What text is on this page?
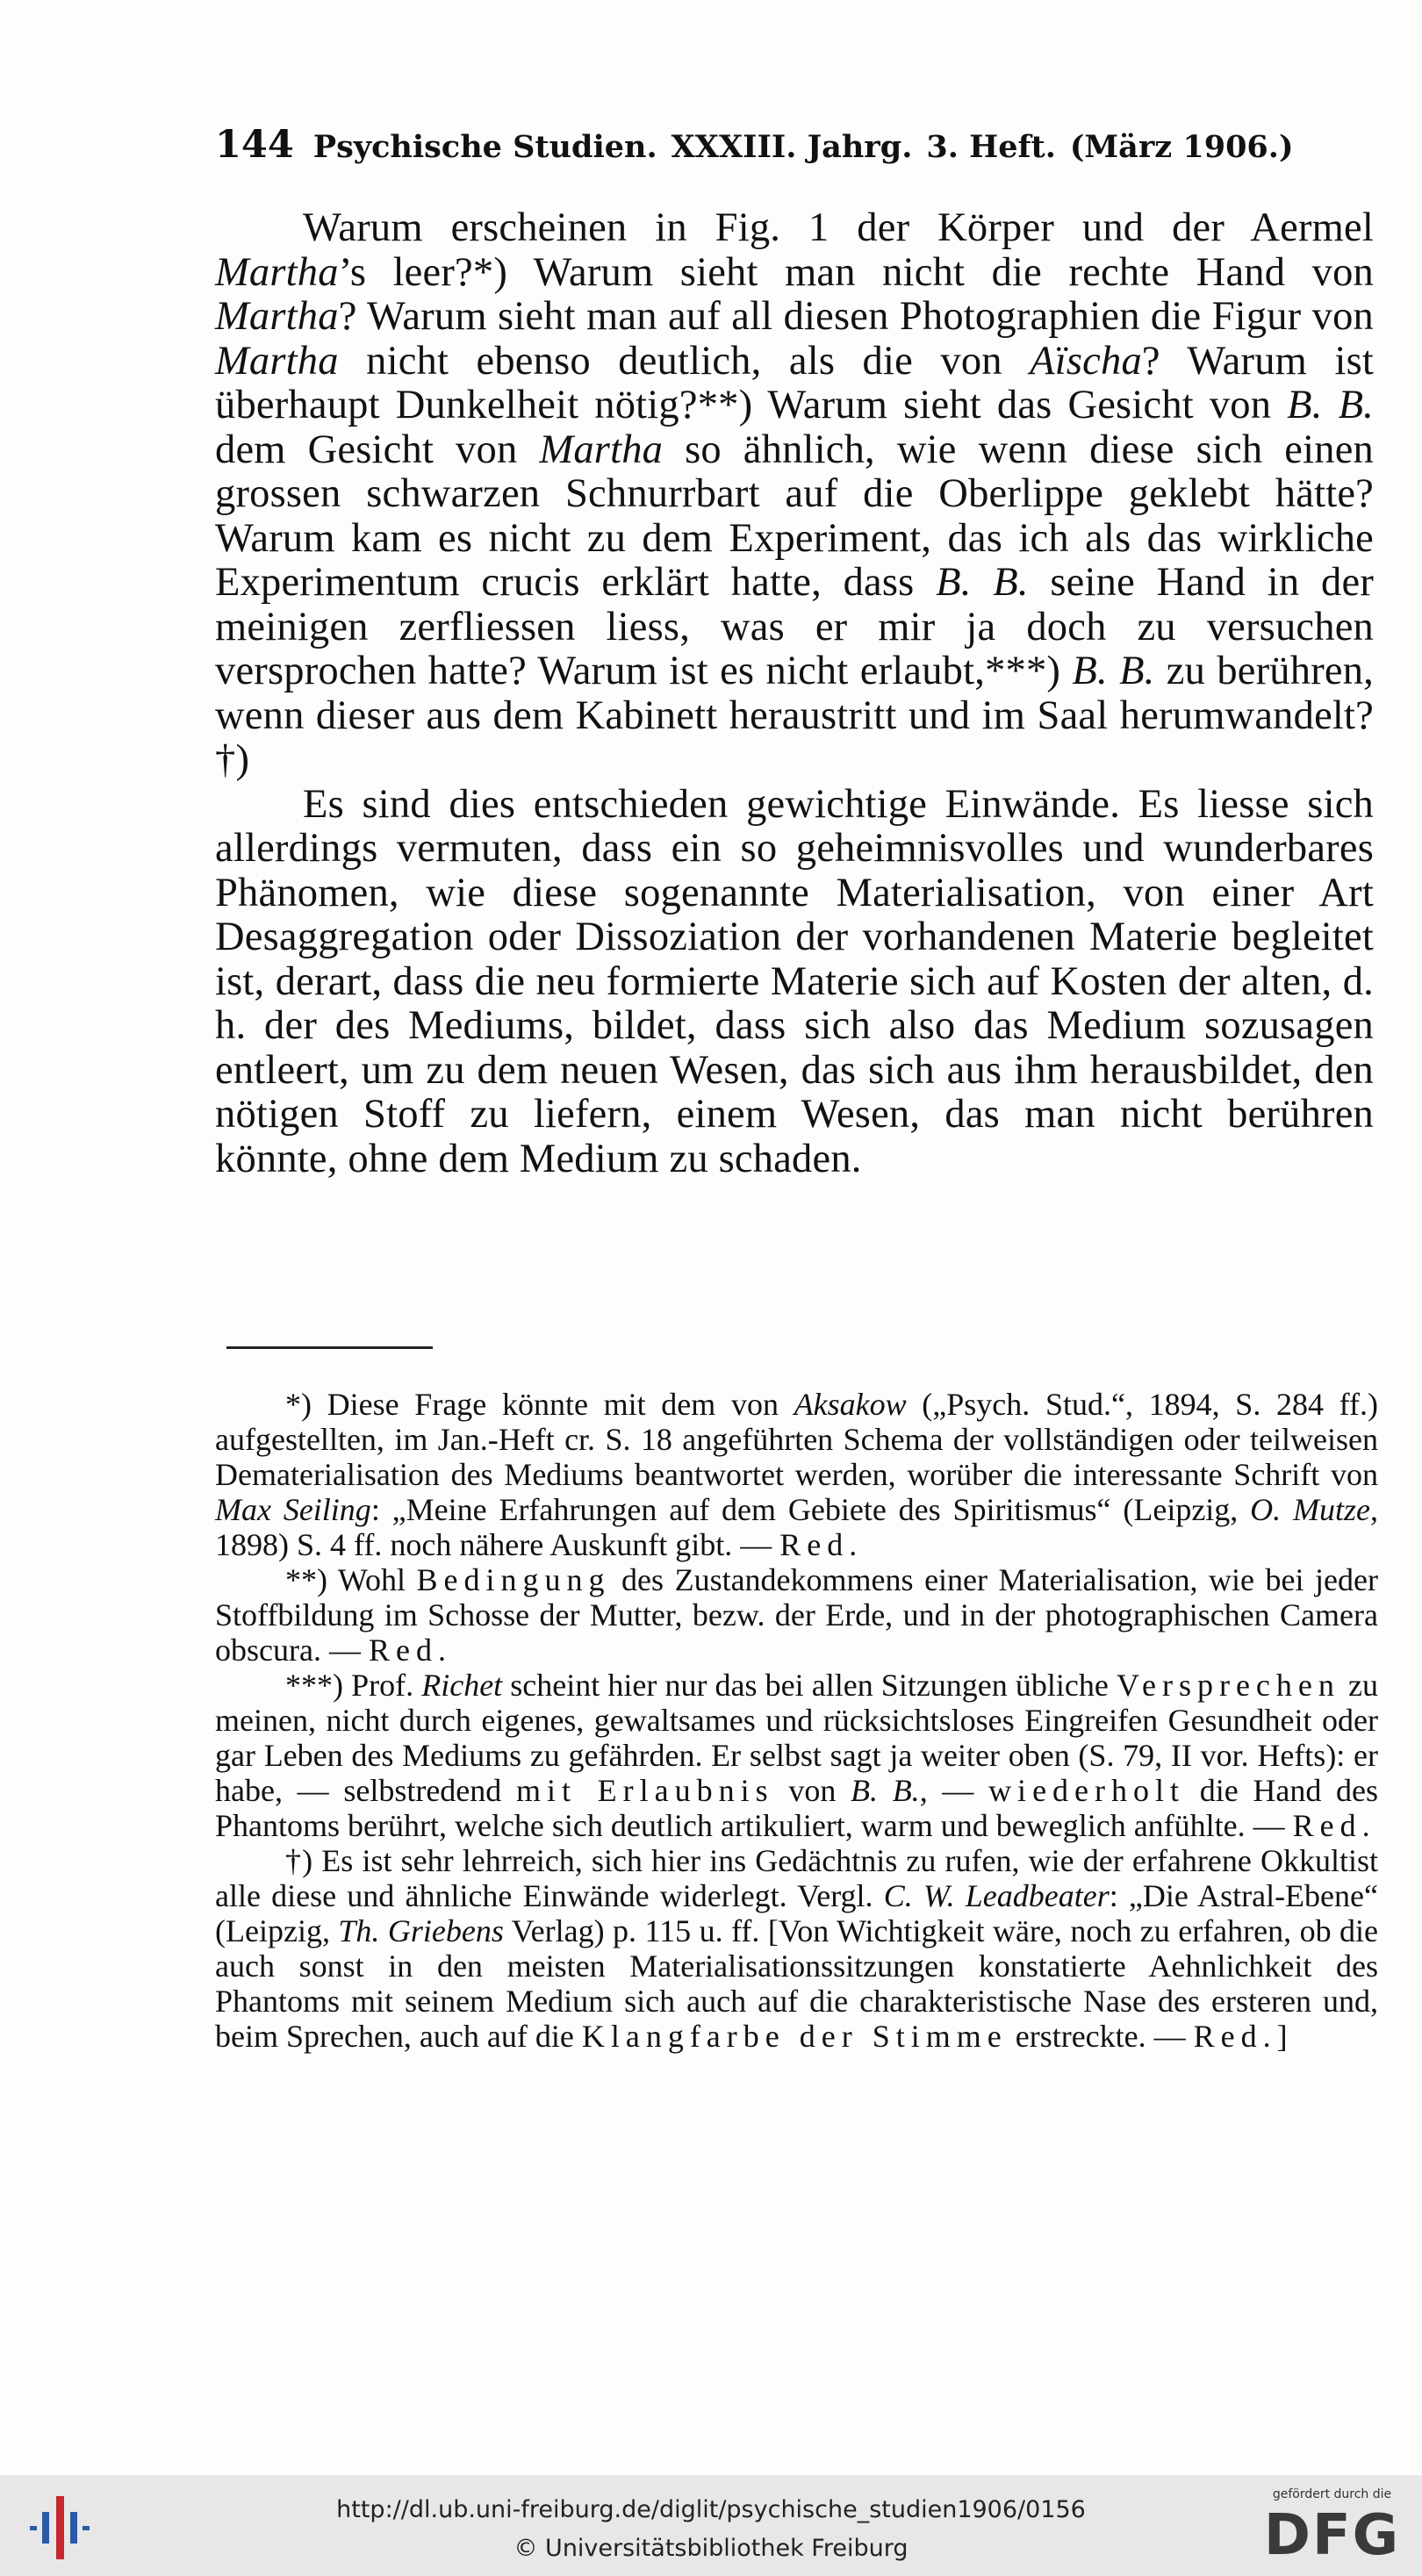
144 Psychische Studien. XXXIII. Jahrg. 3. Heft. (März 1906.)

Warum erscheinen in Fig. 1 der Körper und der Aermel Martha’s leer?*) Warum sieht man nicht die rechte Hand von Martha? Warum sieht man auf all diesen Photographien die Figur von Martha nicht ebenso deutlich, als die von Aïscha? Warum ist überhaupt Dunkelheit nötig?**) Warum sieht das Gesicht von B. B. dem Gesicht von Martha so ähnlich, wie wenn diese sich einen grossen schwarzen Schnurrbart auf die Oberlippe geklebt hätte? Warum kam es nicht zu dem Experiment, das ich als das wirkliche Experimentum crucis erklärt hatte, dass B. B. seine Hand in der meinigen zerfliessen liess, was er mir ja doch zu versuchen versprochen hatte? Warum ist es nicht erlaubt,***) B. B. zu berühren, wenn dieser aus dem Kabinett heraustritt und im Saal herumwandelt?†)

Es sind dies entschieden gewichtige Einwände. Es liesse sich allerdings vermuten, dass ein so geheimnisvolles und wunderbares Phänomen, wie diese sogenannte Materialisation, von einer Art Desaggregation oder Dissoziation der vorhandenen Materie begleitet ist, derart, dass die neu formierte Materie sich auf Kosten der alten, d. h. der des Mediums, bildet, dass sich also das Medium sozusagen entleert, um zu dem neuen Wesen, das sich aus ihm herausbildet, den nötigen Stoff zu liefern, einem Wesen, das man nicht berühren könnte, ohne dem Medium zu schaden.

*) Diese Frage könnte mit dem von Aksakow („Psych. Stud.“, 1894, S. 284 ff.) aufgestellten, im Jan.-Heft cr. S. 18 angeführten Schema der vollständigen oder teilweisen Dematerialisation des Mediums beantwortet werden, worüber die interessante Schrift von Max Seiling: „Meine Erfahrungen auf dem Gebiete des Spiritismus“ (Leipzig, O. Mutze, 1898) S. 4 ff. noch nähere Auskunft gibt. — Red.

**) Wohl Bedingung des Zustandekommens einer Materialisation, wie bei jeder Stoffbildung im Schosse der Mutter, bezw. der Erde, und in der photographischen Camera obscura. — Red.

***) Prof. Richet scheint hier nur das bei allen Sitzungen übliche Versprechen zu meinen, nicht durch eigenes, gewaltsames und rücksichtsloses Eingreifen Gesundheit oder gar Leben des Mediums zu gefährden. Er selbst sagt ja weiter oben (S. 79, II vor. Hefts): er habe, — selbstredend mit Erlaubnis von B. B., — wiederholt die Hand des Phantoms berührt, welche sich deutlich artikuliert, warm und beweglich anfühlte. — Red.

†) Es ist sehr lehrreich, sich hier ins Gedächtnis zu rufen, wie der erfahrene Okkultist alle diese und ähnliche Einwände widerlegt. Vergl. C. W. Leadbeater: „Die Astral-Ebene“ (Leipzig, Th. Griebens Verlag) p. 115 u. ff. [Von Wichtigkeit wäre, noch zu erfahren, ob die auch sonst in den meisten Materialisationssitzungen konstatierte Aehnlichkeit des Phantoms mit seinem Medium sich auch auf die charakteristische Nase des ersteren und, beim Sprechen, auch auf die Klangfarbe der Stimme erstreckte. — Red.]

http://dl.ub.uni-freiburg.de/diglit/psychische_studien1906/0156
© Universitätsbibliothek Freiburg
gefördert durch die
DFG
